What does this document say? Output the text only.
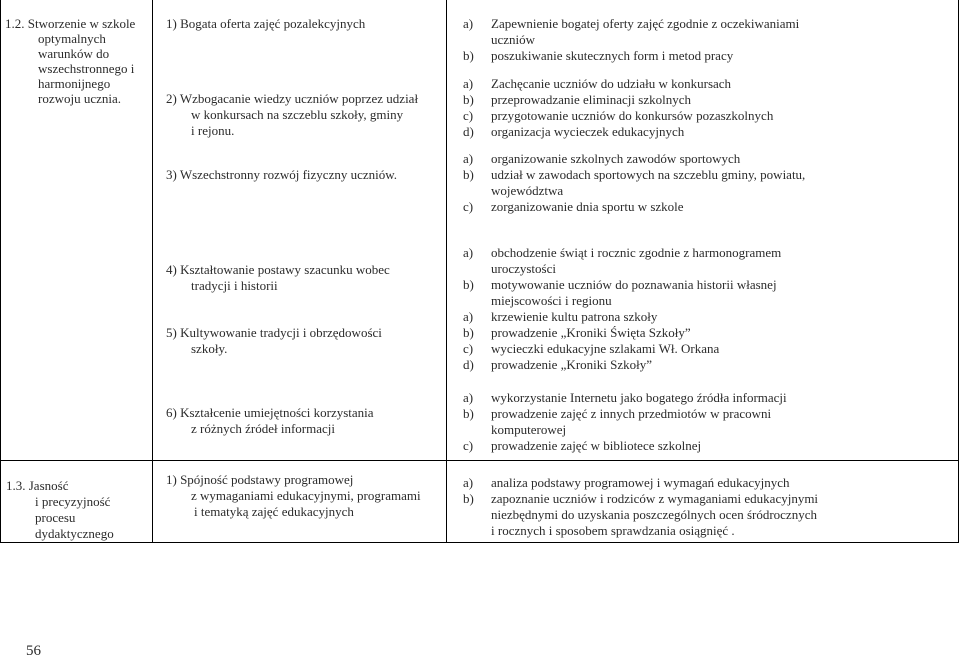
1.2. Stworzenie w szkole
optymalnych
warunków do
wszechstronnego i
harmonijnego
rozwoju ucznia.
1.3. Jasność
i precyzyjność
procesu
dydaktycznego
1) Bogata oferta zajęć pozalekcyjnych
2) Wzbogacanie wiedzy uczniów poprzez udział
w konkursach na szczeblu szkoły, gminy
i rejonu.
3) Wszechstronny rozwój fizyczny uczniów.
4) Kształtowanie postawy szacunku wobec
tradycji i historii
5) Kultywowanie tradycji i obrzędowości
szkoły.
6) Kształcenie umiejętności korzystania
z różnych źródeł informacji
1) Spójność podstawy programowej
z wymaganiami edukacyjnymi, programami
i tematyką zajęć edukacyjnych
a) Zapewnienie bogatej oferty zajęć zgodnie z oczekiwaniami
uczniów
b) poszukiwanie skutecznych form i metod pracy
a) Zachęcanie uczniów do udziału w konkursach
b) przeprowadzanie eliminacji szkolnych
c) przygotowanie uczniów do konkursów pozaszkolnych
d) organizacja wycieczek edukacyjnych
a) organizowanie szkolnych zawodów sportowych
b) udział w zawodach sportowych na szczeblu gminy, powiatu,
województwa
c) zorganizowanie dnia sportu w szkole
a) obchodzenie świąt i rocznic zgodnie z harmonogramem
uroczystości
b) motywowanie uczniów do poznawania historii własnej
miejscowości i regionu
a) krzewienie kultu patrona szkoły
b) prowadzenie „Kroniki Święta Szkoły”
c) wycieczki edukacyjne szlakami Wł. Orkana
d) prowadzenie „Kroniki Szkoły”
a) wykorzystanie Internetu jako bogatego źródła informacji
b) prowadzenie zajęć z innych przedmiotów w pracowni
komputerowej
c) prowadzenie zajęć w bibliotece szkolnej
a) analiza podstawy programowej i wymagań edukacyjnych
b) zapoznanie uczniów i rodziców z wymaganiami edukacyjnymi
niezbędnymi do uzyskania poszczególnych ocen śródrocznych
i rocznych i sposobem sprawdzania osiągnięć .
56
